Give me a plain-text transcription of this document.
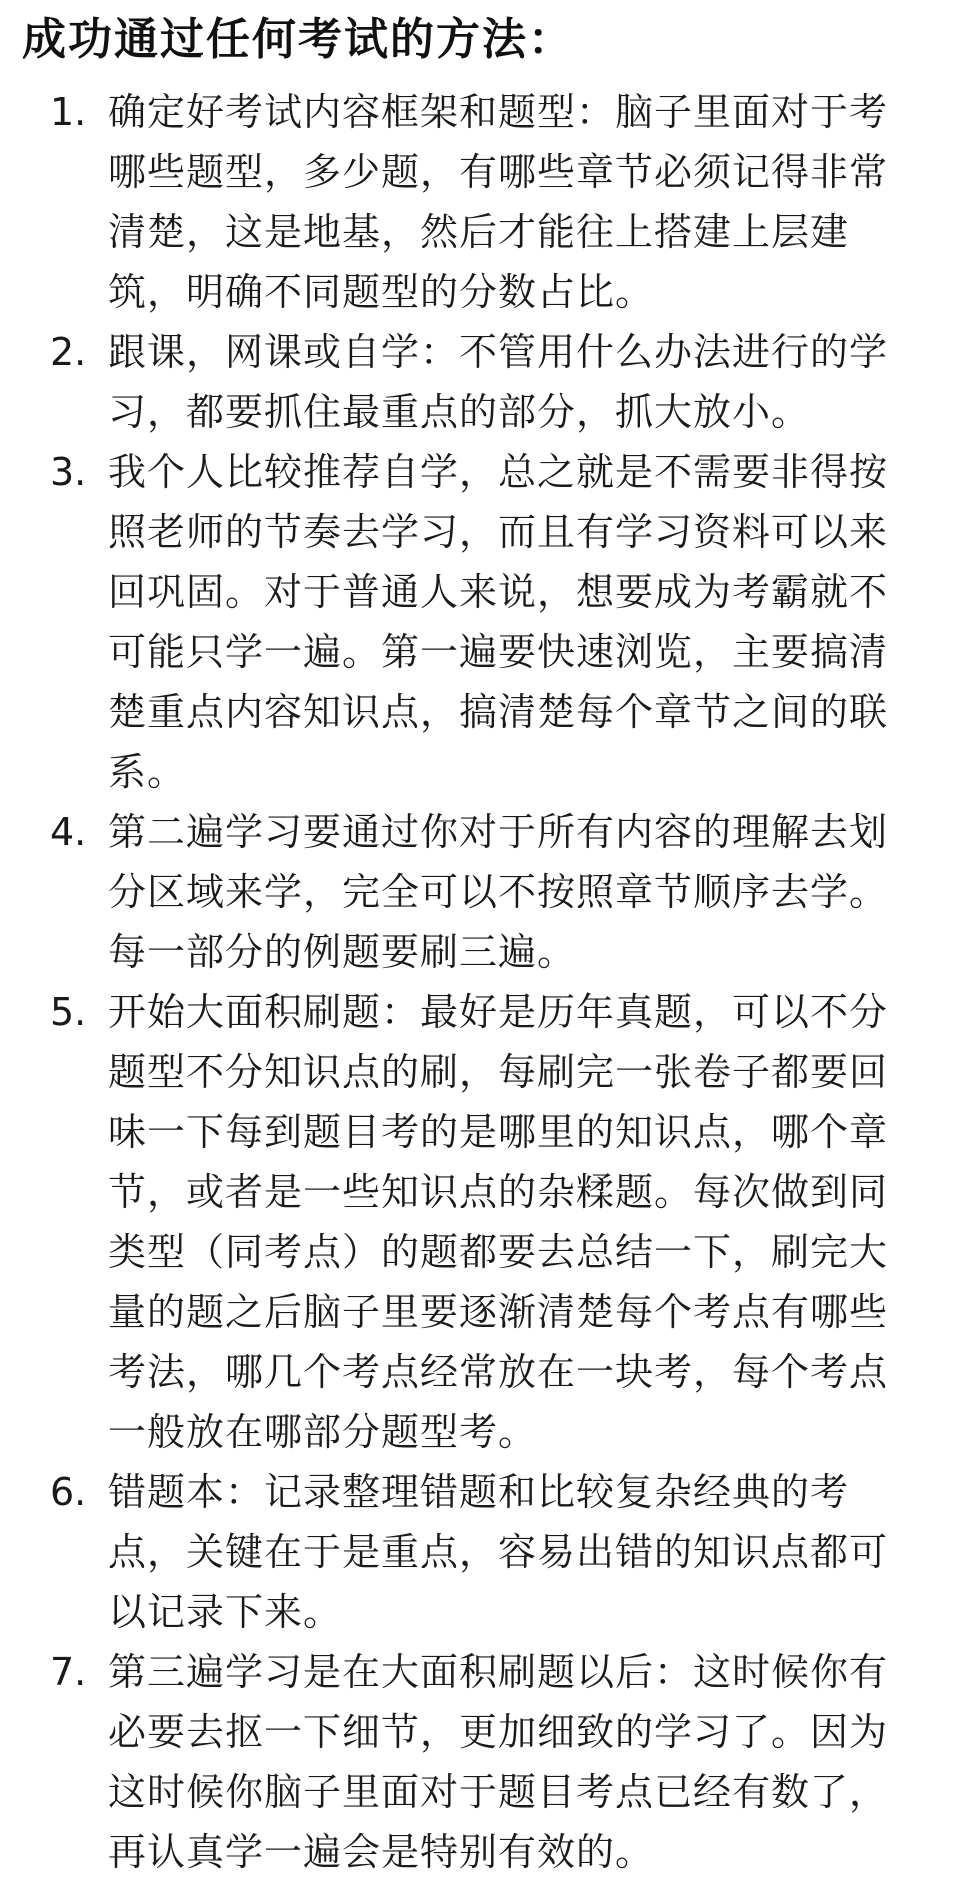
成功通过任何考试的方法：
1. 确定好考试内容框架和题型：脑子里面对于考哪些题型，多少题，有哪些章节必须记得非常清楚，这是地基，然后才能往上搭建上层建筑，明确不同题型的分数占比。
2. 跟课，网课或自学：不管用什么办法进行的学习，都要抓住最重点的部分，抓大放小。
3. 我个人比较推荐自学，总之就是不需要非得按照老师的节奏去学习，而且有学习资料可以来回巩固。对于普通人来说，想要成为考霸就不可能只学一遍。第一遍要快速浏览，主要搞清楚重点内容知识点，搞清楚每个章节之间的联系。
4. 第二遍学习要通过你对于所有内容的理解去划分区域来学，完全可以不按照章节顺序去学。每一部分的例题要刷三遍。
5. 开始大面积刷题：最好是历年真题，可以不分题型不分知识点的刷，每刷完一张卷子都要回味一下每到题目考的是哪里的知识点，哪个章节，或者是一些知识点的杂糅题。每次做到同类型（同考点）的题都要去总结一下，刷完大量的题之后脑子里要逐渐清楚每个考点有哪些考法，哪几个考点经常放在一块考，每个考点一般放在哪部分题型考。
6. 错题本：记录整理错题和比较复杂经典的考点，关键在于是重点，容易出错的知识点都可以记录下来。
7. 第三遍学习是在大面积刷题以后：这时候你有必要去抠一下细节，更加细致的学习了。因为这时候你脑子里面对于题目考点已经有数了，再认真学一遍会是特别有效的。
